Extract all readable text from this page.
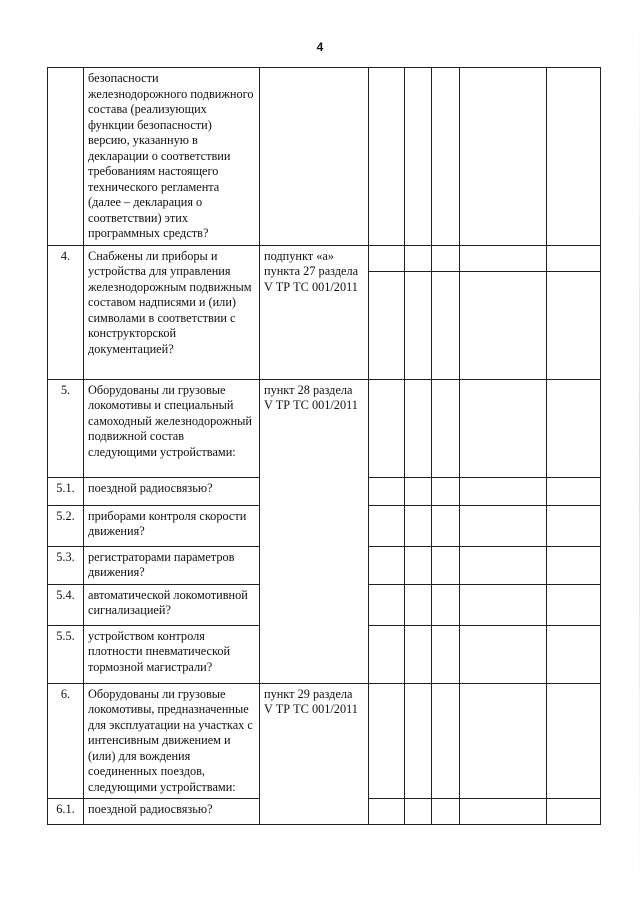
4
	безопасности железнодорожного подвижного состава (реализующих функции безопасности) версию, указанную в декларации о соответствии требованиям настоящего технического регламента (далее – декларация о соответствии) этих программных средств?						
4.	Снабжены ли приборы и устройства для управления железнодорожным подвижным составом надписями и (или) символами в соответствии с конструкторской документацией?	подпункт «а» пункта 27 раздела V ТР ТС 001/2011					

5.	Оборудованы ли грузовые локомотивы и специальный самоходный железнодорожный подвижной состав следующими устройствами:	пункт 28 раздела V ТР ТС 001/2011					
5.1.	поездной радиосвязью?						
5.2.	приборами контроля скорости движения?						
5.3.	регистраторами параметров движения?						
5.4.	автоматической локомотивной сигнализацией?						
5.5.	устройством контроля плотности пневматической тормозной магистрали?						
6.	Оборудованы ли грузовые локомотивы, предназначенные для эксплуатации на участках с интенсивным движением и (или) для вождения соединенных поездов, следующими устройствами:	пункт 29 раздела V ТР ТС 001/2011					
6.1.	поездной радиосвязью?						
